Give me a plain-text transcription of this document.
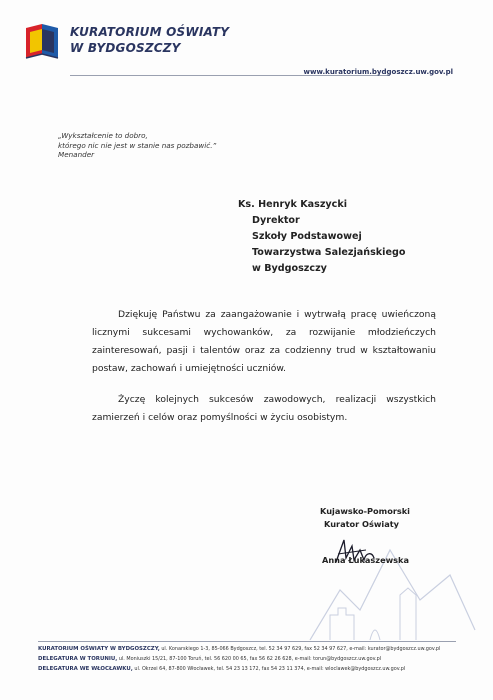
KURATORIUM OŚWIATY
W BYDGOSZCZY
www.kuratorium.bydgoszcz.uw.gov.pl
„Wykształcenie to dobro,
którego nic nie jest w stanie nas pozbawić.”
Menander
Ks. Henryk Kaszycki
Dyrektor
Szkoły Podstawowej
Towarzystwa Salezjańskiego
w Bydgoszczy

Dziękuję Państwu za zaangażowanie i wytrwałą pracę uwieńczoną licznymi sukcesami wychowanków, za rozwijanie młodzieńczych zainteresowań, pasji i talentów oraz za codzienny trud w kształtowaniu postaw, zachowań i umiejętności uczniów.

Życzę kolejnych sukcesów zawodowych, realizacji wszystkich zamierzeń i celów oraz pomyślności w życiu osobistym.

Kujawsko-Pomorski
Kurator Oświaty
Anna Łukaszewska
KURATORIUM OŚWIATY W BYDGOSZCZY, ul. Konarskiego 1-3, 85-066 Bydgoszcz, tel. 52 34 97 629, fax 52 34 97 627, e-mail: kurator@bydgoszcz.uw.gov.pl
DELEGATURA W TORUNIU, ul. Moniuszki 15/21, 87-100 Toruń, tel. 56 620 00 65, fax 56 62 26 628, e-mail: torun@bydgoszcz.uw.gov.pl
DELEGATURA WE WŁOCŁAWKU, ul. Okrzei 64, 87-800 Włocławek, tel. 54 23 13 172, fax 54 23 11 374, e-mail: wloclawek@bydgoszcz.uw.gov.pl
